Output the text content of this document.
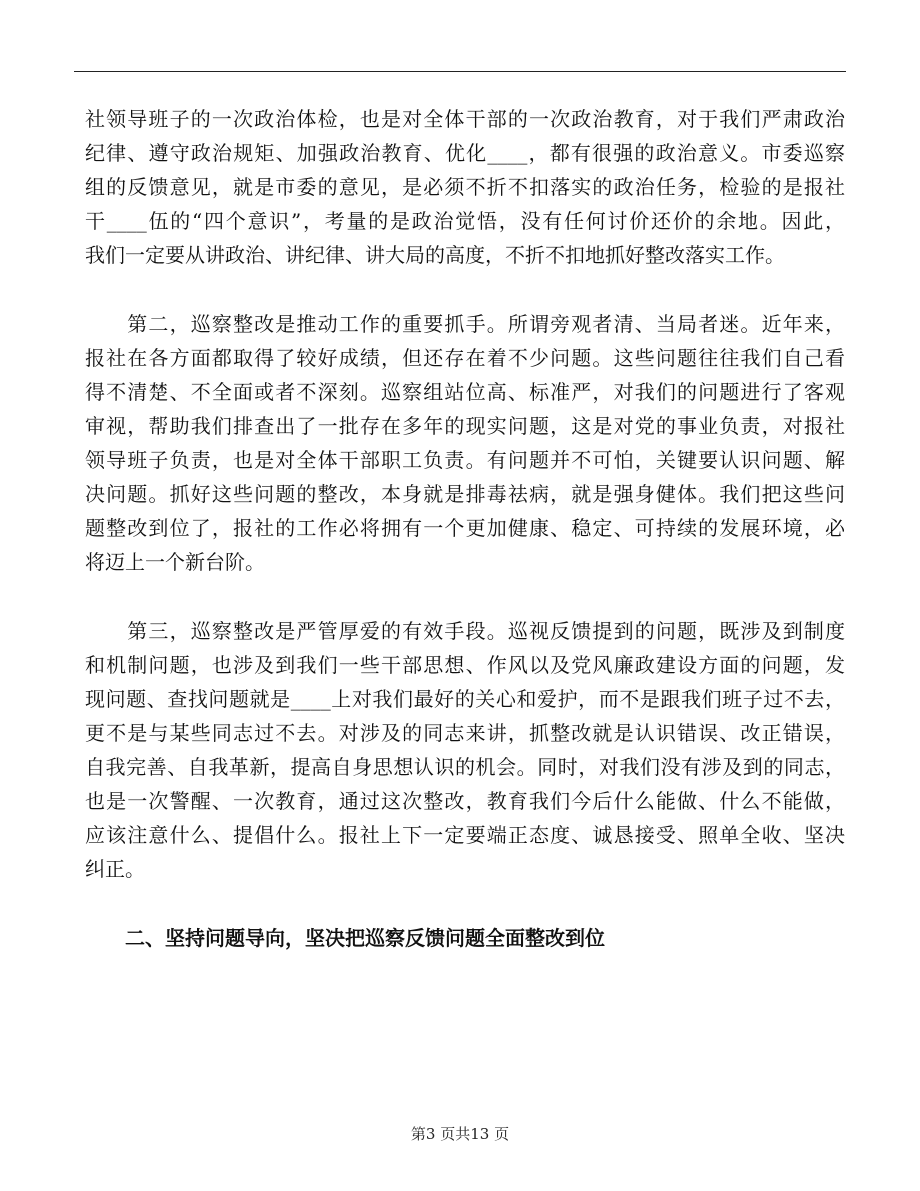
社领导班子的一次政治体检，也是对全体干部的一次政治教育，对于我们严肃政治

纪律、遵守政治规矩、加强政治教育、优化____，都有很强的政治意义。市委巡察

组的反馈意见，就是市委的意见，是必须不折不扣落实的政治任务，检验的是报社

干____伍的“四个意识”，考量的是政治觉悟，没有任何讨价还价的余地。因此，

我们一定要从讲政治、讲纪律、讲大局的高度，不折不扣地抓好整改落实工作。

　　第二，巡察整改是推动工作的重要抓手。所谓旁观者清、当局者迷。近年来，

报社在各方面都取得了较好成绩，但还存在着不少问题。这些问题往往我们自己看

得不清楚、不全面或者不深刻。巡察组站位高、标准严，对我们的问题进行了客观

审视，帮助我们排查出了一批存在多年的现实问题，这是对党的事业负责，对报社

领导班子负责，也是对全体干部职工负责。有问题并不可怕，关键要认识问题、解

决问题。抓好这些问题的整改，本身就是排毒祛病，就是强身健体。我们把这些问

题整改到位了，报社的工作必将拥有一个更加健康、稳定、可持续的发展环境，必

将迈上一个新台阶。

　　第三，巡察整改是严管厚爱的有效手段。巡视反馈提到的问题，既涉及到制度

和机制问题，也涉及到我们一些干部思想、作风以及党风廉政建设方面的问题，发

现问题、查找问题就是____上对我们最好的关心和爱护，而不是跟我们班子过不去，

更不是与某些同志过不去。对涉及的同志来讲，抓整改就是认识错误、改正错误，

自我完善、自我革新，提高自身思想认识的机会。同时，对我们没有涉及到的同志，

也是一次警醒、一次教育，通过这次整改，教育我们今后什么能做、什么不能做，

应该注意什么、提倡什么。报社上下一定要端正态度、诚恳接受、照单全收、坚决

纠正。

　　二、坚持问题导向，坚决把巡察反馈问题全面整改到位

第3 页共13 页
